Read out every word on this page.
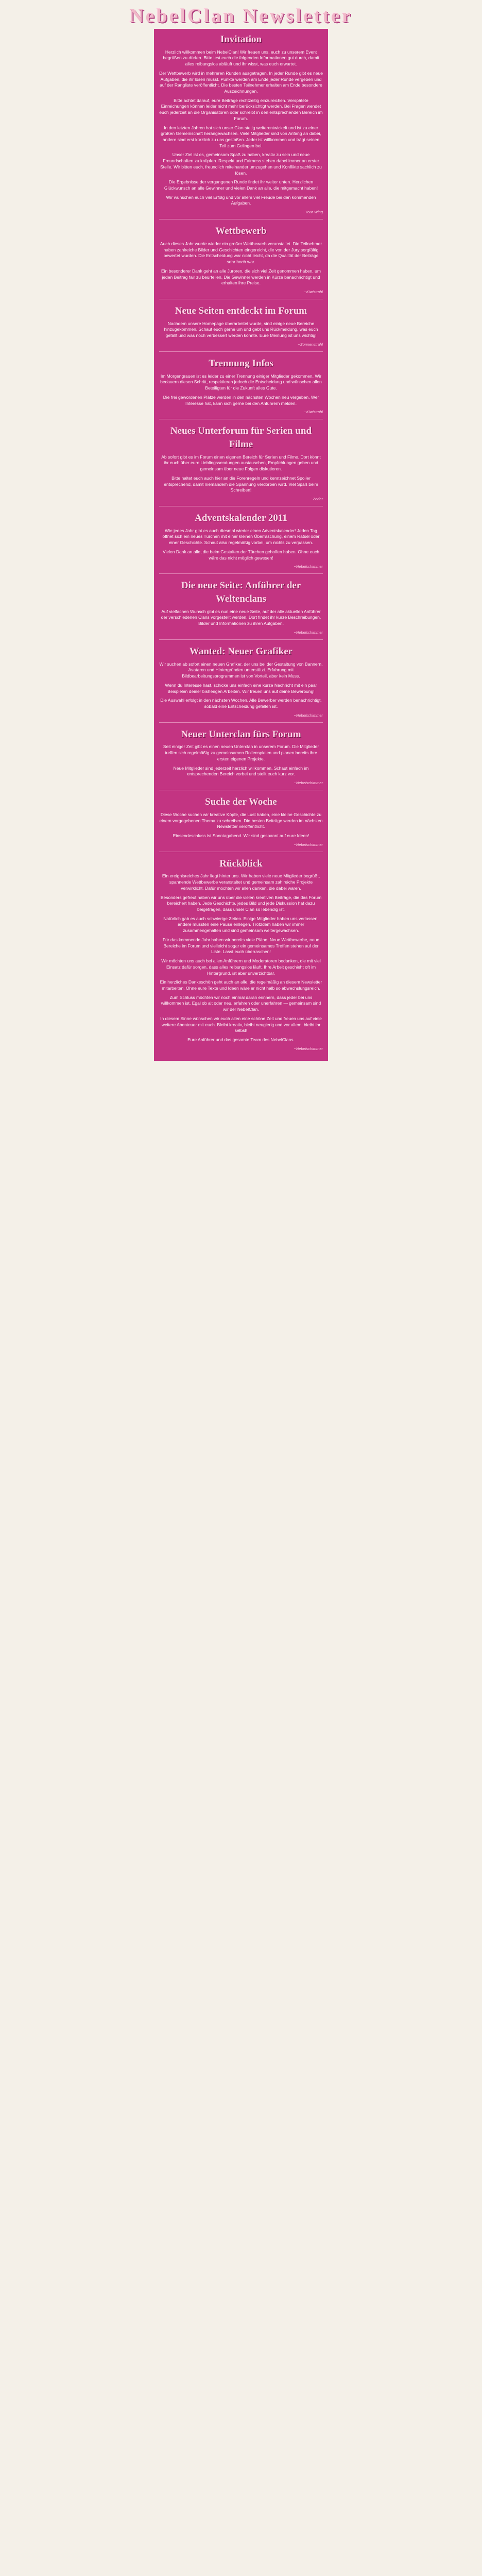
NebelClan Newsletter
Invitation

Herzlich willkommen beim NebelClan! Wir freuen uns, euch zu unserem Event begrüßen zu dürfen. Bitte lest euch die folgenden Informationen gut durch, damit alles reibungslos abläuft und ihr wisst, was euch erwartet.

Der Wettbewerb wird in mehreren Runden ausgetragen. In jeder Runde gibt es neue Aufgaben, die ihr lösen müsst. Punkte werden am Ende jeder Runde vergeben und auf der Rangliste veröffentlicht. Die besten Teilnehmer erhalten am Ende besondere Auszeichnungen.

Bitte achtet darauf, eure Beiträge rechtzeitig einzureichen. Verspätete Einreichungen können leider nicht mehr berücksichtigt werden. Bei Fragen wendet euch jederzeit an die Organisatoren oder schreibt in den entsprechenden Bereich im Forum.

In den letzten Jahren hat sich unser Clan stetig weiterentwickelt und ist zu einer großen Gemeinschaft herangewachsen. Viele Mitglieder sind von Anfang an dabei, andere sind erst kürzlich zu uns gestoßen. Jeder ist willkommen und trägt seinen Teil zum Gelingen bei.

Unser Ziel ist es, gemeinsam Spaß zu haben, kreativ zu sein und neue Freundschaften zu knüpfen. Respekt und Fairness stehen dabei immer an erster Stelle. Wir bitten euch, freundlich miteinander umzugehen und Konflikte sachlich zu lösen.

Die Ergebnisse der vergangenen Runde findet ihr weiter unten. Herzlichen Glückwunsch an alle Gewinner und vielen Dank an alle, die mitgemacht haben!

Wir wünschen euch viel Erfolg und vor allem viel Freude bei den kommenden Aufgaben.

~Your Wing
Wettbewerb

Auch dieses Jahr wurde wieder ein großer Wettbewerb veranstaltet. Die Teilnehmer haben zahlreiche Bilder und Geschichten eingereicht, die von der Jury sorgfältig bewertet wurden. Die Entscheidung war nicht leicht, da die Qualität der Beiträge sehr hoch war.

Ein besonderer Dank geht an alle Juroren, die sich viel Zeit genommen haben, um jeden Beitrag fair zu beurteilen. Die Gewinner werden in Kürze benachrichtigt und erhalten ihre Preise.

~Kiwistrahl
Neue Seiten entdeckt im Forum

Nachdem unsere Homepage überarbeitet wurde, sind einige neue Bereiche hinzugekommen. Schaut euch gerne um und gebt uns Rückmeldung, was euch gefällt und was noch verbessert werden könnte. Eure Meinung ist uns wichtig!

~Sonnenstrahl
Trennung Infos

Im Morgengrauen ist es leider zu einer Trennung einiger Mitglieder gekommen. Wir bedauern diesen Schritt, respektieren jedoch die Entscheidung und wünschen allen Beteiligten für die Zukunft alles Gute.

Die frei gewordenen Plätze werden in den nächsten Wochen neu vergeben. Wer Interesse hat, kann sich gerne bei den Anführern melden.

~Kiwistrahl
Neues Unterforum für Serien und Filme

Ab sofort gibt es im Forum einen eigenen Bereich für Serien und Filme. Dort könnt ihr euch über eure Lieblingssendungen austauschen, Empfehlungen geben und gemeinsam über neue Folgen diskutieren.

Bitte haltet euch auch hier an die Forenregeln und kennzeichnet Spoiler entsprechend, damit niemandem die Spannung verdorben wird. Viel Spaß beim Schreiben!

~Zeder
Adventskalender 2011

Wie jedes Jahr gibt es auch diesmal wieder einen Adventskalender! Jeden Tag öffnet sich ein neues Türchen mit einer kleinen Überraschung, einem Rätsel oder einer Geschichte. Schaut also regelmäßig vorbei, um nichts zu verpassen.

Vielen Dank an alle, die beim Gestalten der Türchen geholfen haben. Ohne euch wäre das nicht möglich gewesen!

~Nebelschimmer
Die neue Seite: Anführer der Weltenclans

Auf vielfachen Wunsch gibt es nun eine neue Seite, auf der alle aktuellen Anführer der verschiedenen Clans vorgestellt werden. Dort findet ihr kurze Beschreibungen, Bilder und Informationen zu ihren Aufgaben.

~Nebelschimmer
Wanted: Neuer Grafiker

Wir suchen ab sofort einen neuen Grafiker, der uns bei der Gestaltung von Bannern, Avataren und Hintergründen unterstützt. Erfahrung mit Bildbearbeitungsprogrammen ist von Vorteil, aber kein Muss.

Wenn du Interesse hast, schicke uns einfach eine kurze Nachricht mit ein paar Beispielen deiner bisherigen Arbeiten. Wir freuen uns auf deine Bewerbung!

Die Auswahl erfolgt in den nächsten Wochen. Alle Bewerber werden benachrichtigt, sobald eine Entscheidung gefallen ist.

~Nebelschimmer
Neuer Unterclan fürs Forum

Seit einiger Zeit gibt es einen neuen Unterclan in unserem Forum. Die Mitglieder treffen sich regelmäßig zu gemeinsamen Rollenspielen und planen bereits ihre ersten eigenen Projekte.

Neue Mitglieder sind jederzeit herzlich willkommen. Schaut einfach im entsprechenden Bereich vorbei und stellt euch kurz vor.

~Nebelschimmer
Suche der Woche

Diese Woche suchen wir kreative Köpfe, die Lust haben, eine kleine Geschichte zu einem vorgegebenen Thema zu schreiben. Die besten Beiträge werden im nächsten Newsletter veröffentlicht.

Einsendeschluss ist Sonntagabend. Wir sind gespannt auf eure Ideen!

~Nebelschimmer
Rückblick

Ein ereignisreiches Jahr liegt hinter uns. Wir haben viele neue Mitglieder begrüßt, spannende Wettbewerbe veranstaltet und gemeinsam zahlreiche Projekte verwirklicht. Dafür möchten wir allen danken, die dabei waren.

Besonders gefreut haben wir uns über die vielen kreativen Beiträge, die das Forum bereichert haben. Jede Geschichte, jedes Bild und jede Diskussion hat dazu beigetragen, dass unser Clan so lebendig ist.

Natürlich gab es auch schwierige Zeiten. Einige Mitglieder haben uns verlassen, andere mussten eine Pause einlegen. Trotzdem haben wir immer zusammengehalten und sind gemeinsam weitergewachsen.

Für das kommende Jahr haben wir bereits viele Pläne. Neue Wettbewerbe, neue Bereiche im Forum und vielleicht sogar ein gemeinsames Treffen stehen auf der Liste. Lasst euch überraschen!

Wir möchten uns auch bei allen Anführern und Moderatoren bedanken, die mit viel Einsatz dafür sorgen, dass alles reibungslos läuft. Ihre Arbeit geschieht oft im Hintergrund, ist aber unverzichtbar.

Ein herzliches Dankeschön geht auch an alle, die regelmäßig an diesem Newsletter mitarbeiten. Ohne eure Texte und Ideen wäre er nicht halb so abwechslungsreich.

Zum Schluss möchten wir noch einmal daran erinnern, dass jeder bei uns willkommen ist. Egal ob alt oder neu, erfahren oder unerfahren — gemeinsam sind wir der NebelClan.

In diesem Sinne wünschen wir euch allen eine schöne Zeit und freuen uns auf viele weitere Abenteuer mit euch. Bleibt kreativ, bleibt neugierig und vor allem: bleibt ihr selbst!

Eure Anführer und das gesamte Team des NebelClans.

~Nebelschimmer
